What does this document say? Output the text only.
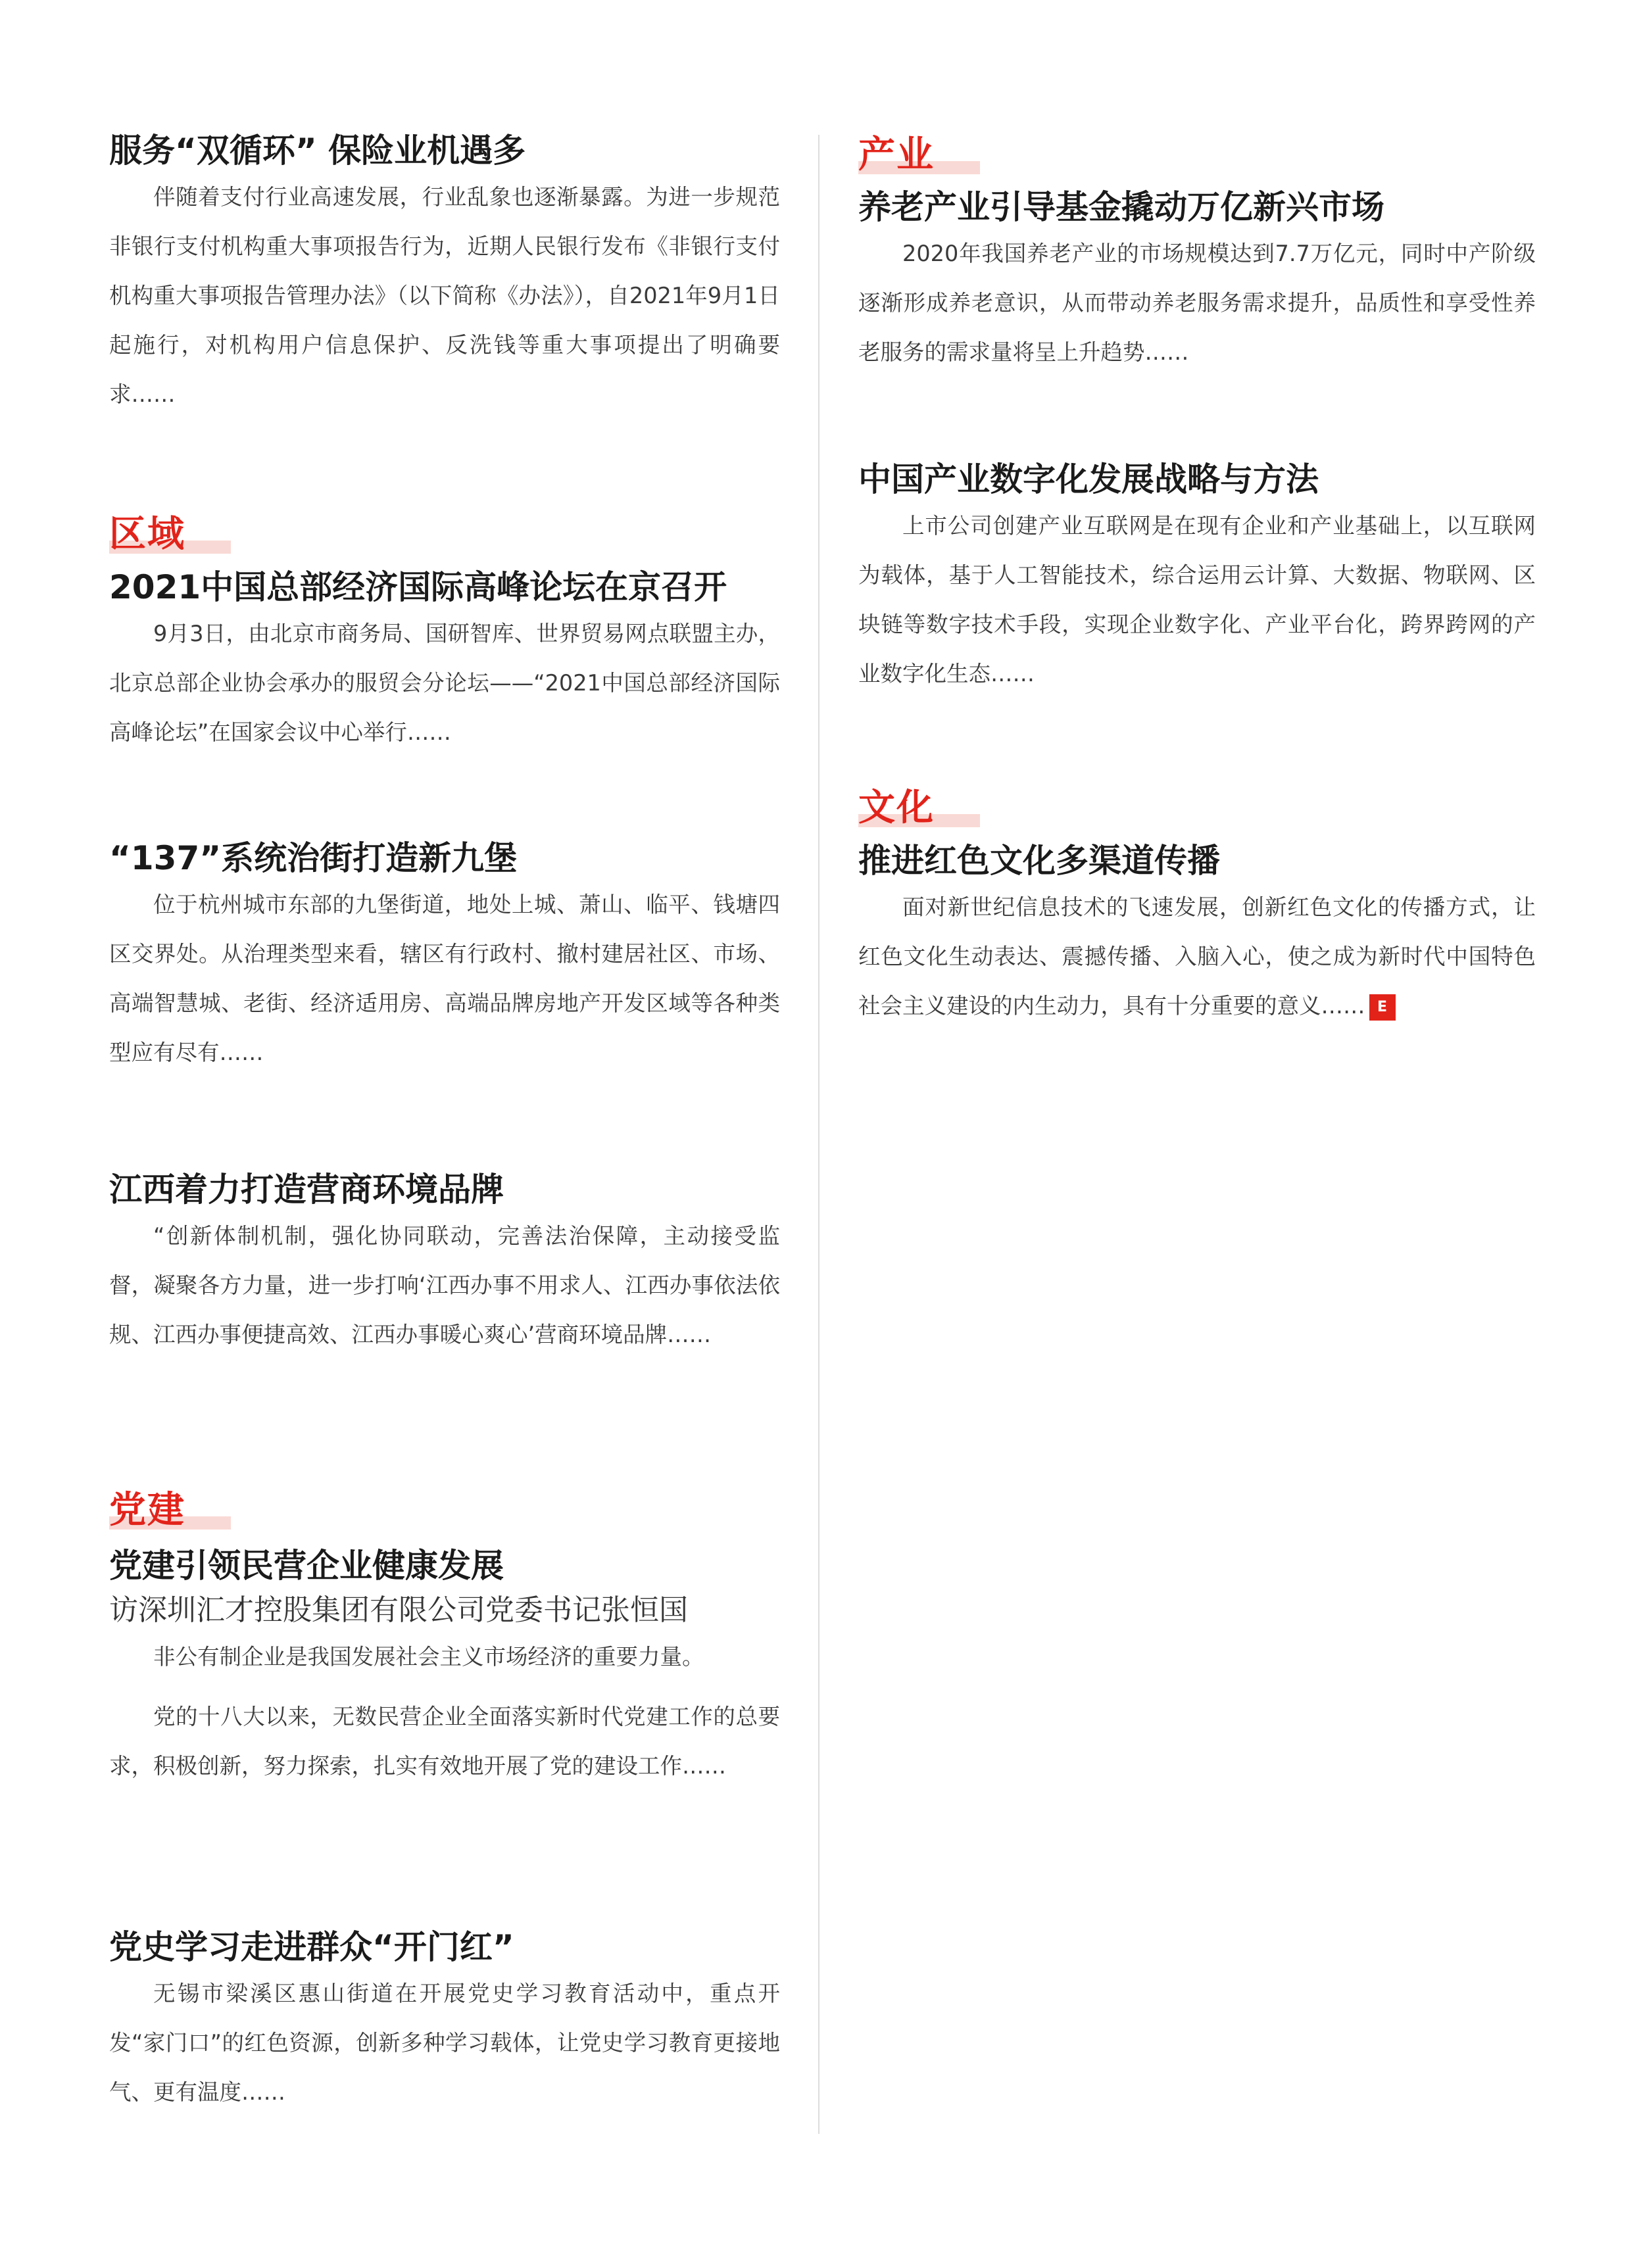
服务“双循环” 保险业机遇多

伴随着支付行业高速发展，行业乱象也逐渐暴露。为进一步规范非银行支付机构重大事项报告行为，近期人民银行发布《非银行支付机构重大事项报告管理办法》（以下简称《办法》），自2021年9月1日起施行，对机构用户信息保护、反洗钱等重大事项提出了明确要求……

区域
2021中国总部经济国际高峰论坛在京召开

9月3日，由北京市商务局、国研智库、世界贸易网点联盟主办，北京总部企业协会承办的服贸会分论坛——“2021中国总部经济国际高峰论坛”在国家会议中心举行……

“137”系统治街打造新九堡

位于杭州城市东部的九堡街道，地处上城、萧山、临平、钱塘四区交界处。从治理类型来看，辖区有行政村、撤村建居社区、市场、高端智慧城、老街、经济适用房、高端品牌房地产开发区域等各种类型应有尽有……

江西着力打造营商环境品牌

“创新体制机制，强化协同联动，完善法治保障，主动接受监督，凝聚各方力量，进一步打响‘江西办事不用求人、江西办事依法依规、江西办事便捷高效、江西办事暖心爽心’营商环境品牌……

党建
党建引领民营企业健康发展
访深圳汇才控股集团有限公司党委书记张恒国

非公有制企业是我国发展社会主义市场经济的重要力量。

党的十八大以来，无数民营企业全面落实新时代党建工作的总要求，积极创新，努力探索，扎实有效地开展了党的建设工作……

党史学习走进群众“开门红”

无锡市梁溪区惠山街道在开展党史学习教育活动中，重点开发“家门口”的红色资源，创新多种学习载体，让党史学习教育更接地气、更有温度……

产业
养老产业引导基金撬动万亿新兴市场

2020年我国养老产业的市场规模达到7.7万亿元，同时中产阶级逐渐形成养老意识，从而带动养老服务需求提升，品质性和享受性养老服务的需求量将呈上升趋势……

中国产业数字化发展战略与方法

上市公司创建产业互联网是在现有企业和产业基础上，以互联网为载体，基于人工智能技术，综合运用云计算、大数据、物联网、区块链等数字技术手段，实现企业数字化、产业平台化，跨界跨网的产业数字化生态……

文化
推进红色文化多渠道传播

面对新世纪信息技术的飞速发展，创新红色文化的传播方式，让红色文化生动表达、震撼传播、入脑入心，使之成为新时代中国特色社会主义建设的内生动力，具有十分重要的意义…… E
